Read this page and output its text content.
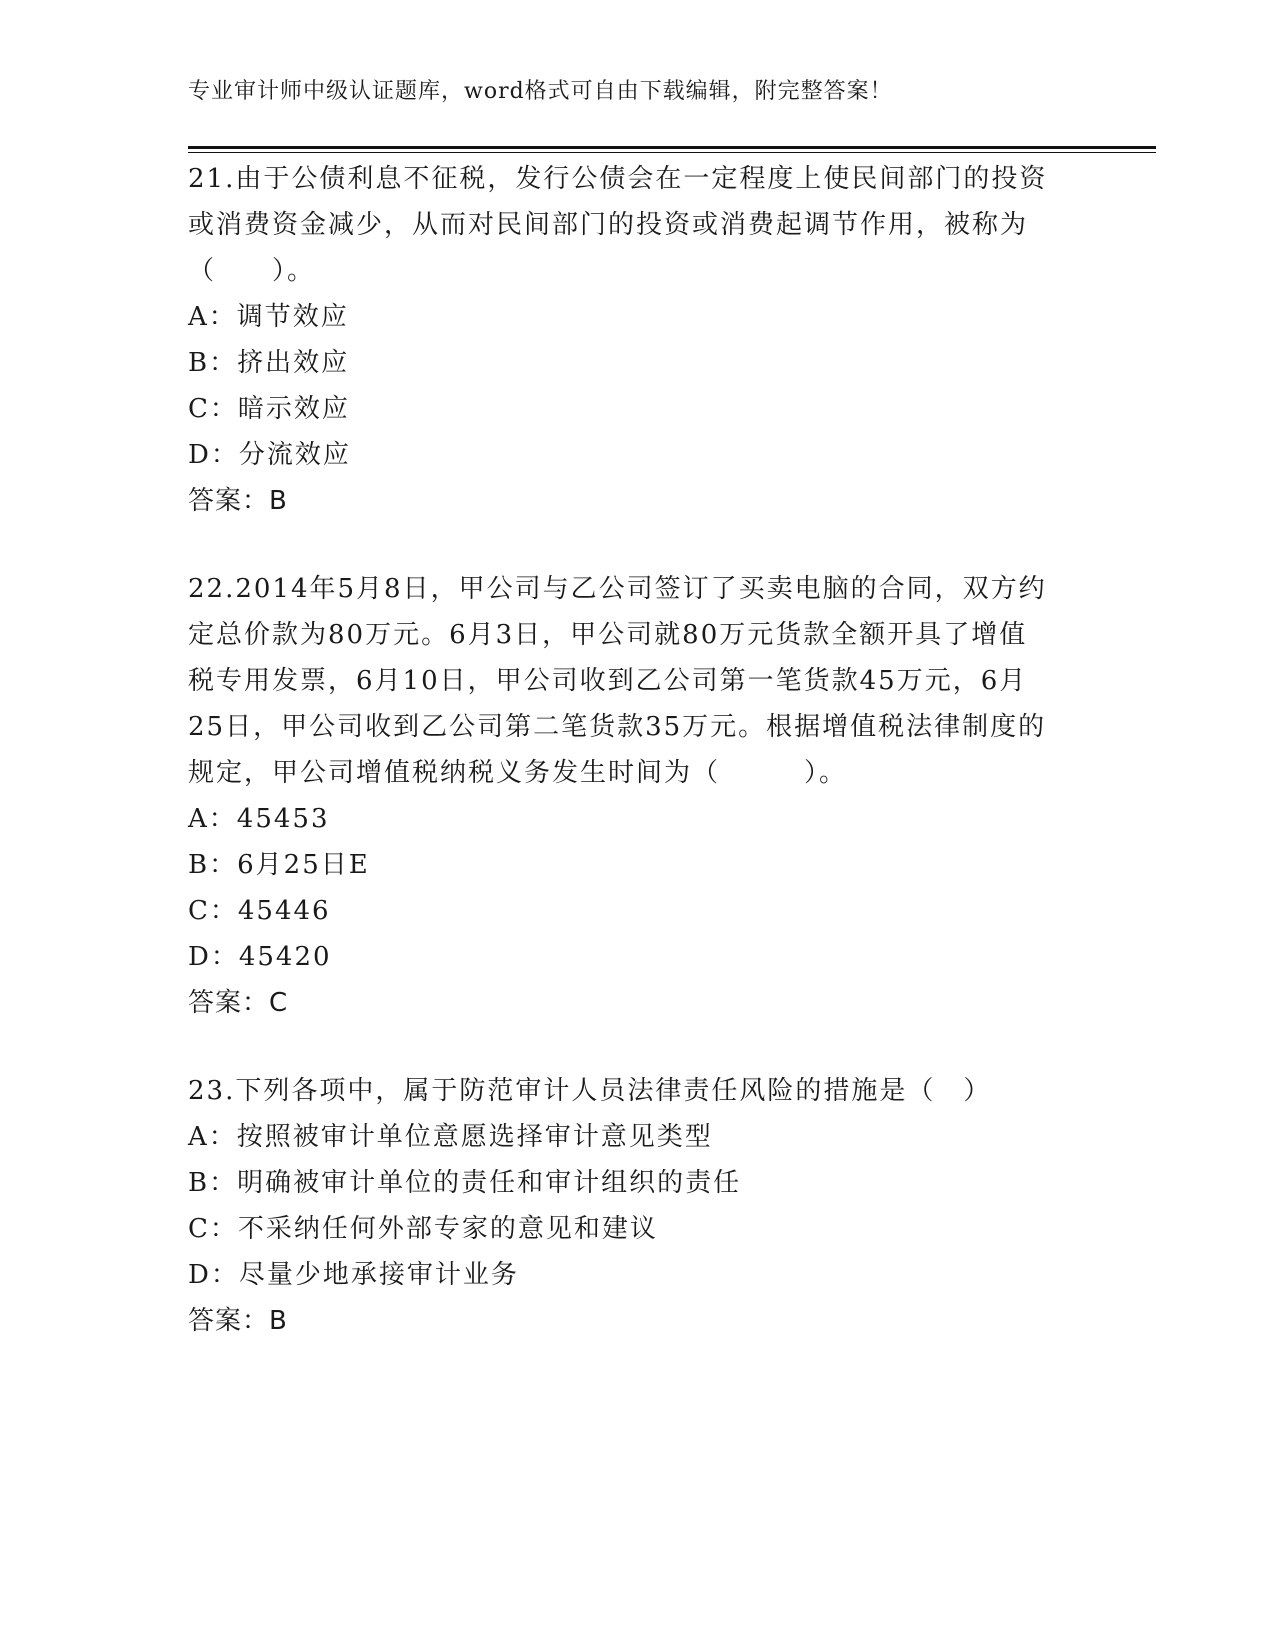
专业审计师中级认证题库，word格式可自由下载编辑，附完整答案！
21.由于公债利息不征税，发行公债会在一定程度上使民间部门的投资
或消费资金减少，从而对民间部门的投资或消费起调节作用，被称为
（　　）。
A：调节效应
B：挤出效应
C：暗示效应
D：分流效应
答案：B
22.2014年5月8日，甲公司与乙公司签订了买卖电脑的合同，双方约
定总价款为80万元。6月3日，甲公司就80万元货款全额开具了增值
税专用发票，6月10日，甲公司收到乙公司第一笔货款45万元，6月
25日，甲公司收到乙公司第二笔货款35万元。根据增值税法律制度的
规定，甲公司增值税纳税义务发生时间为（　　　）。
A：45453
B：6月25日E
C：45446
D：45420
答案：C
23.下列各项中，属于防范审计人员法律责任风险的措施是（　）
A：按照被审计单位意愿选择审计意见类型
B：明确被审计单位的责任和审计组织的责任
C：不采纳任何外部专家的意见和建议
D：尽量少地承接审计业务
答案：B
